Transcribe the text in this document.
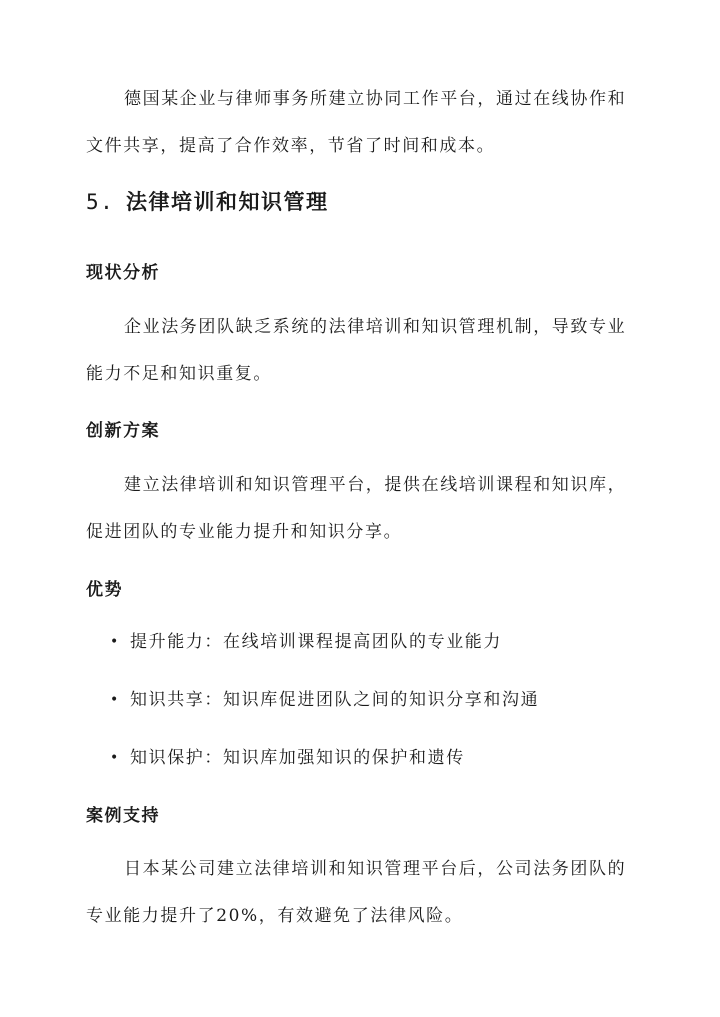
德国某企业与律师事务所建立协同工作平台，通过在线协作和文件共享，提高了合作效率，节省了时间和成本。

5. 法律培训和知识管理
现状分析

企业法务团队缺乏系统的法律培训和知识管理机制，导致专业能力不足和知识重复。

创新方案

建立法律培训和知识管理平台，提供在线培训课程和知识库，促进团队的专业能力提升和知识分享。

优势
• 提升能力：在线培训课程提高团队的专业能力
• 知识共享：知识库促进团队之间的知识分享和沟通
• 知识保护：知识库加强知识的保护和遗传
案例支持

日本某公司建立法律培训和知识管理平台后，公司法务团队的专业能力提升了20%，有效避免了法律风险。
